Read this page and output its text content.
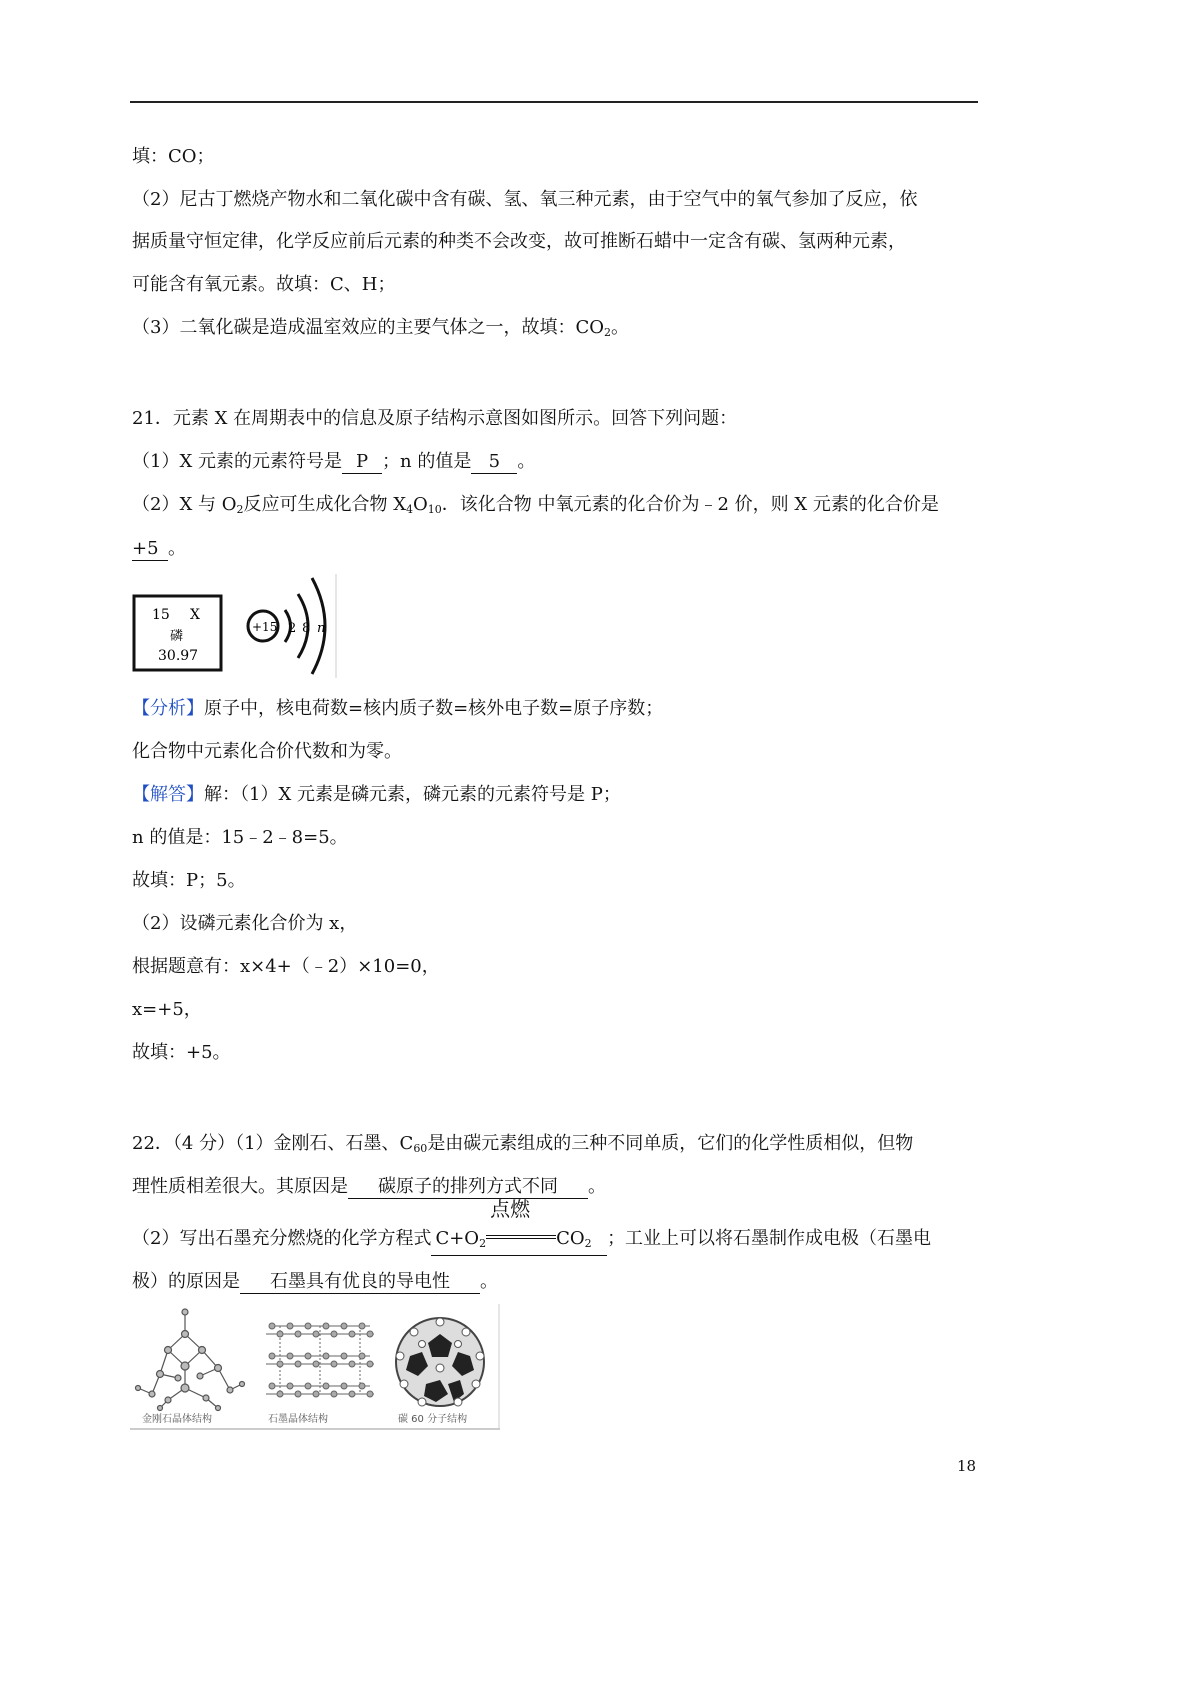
填：CO；
（2）尼古丁燃烧产物水和二氧化碳中含有碳、氢、氧三种元素，由于空气中的氧气参加了反应，依
据质量守恒定律，化学反应前后元素的种类不会改变，故可推断石蜡中一定含有碳、氢两种元素，
可能含有氧元素。故填：C、H；
（3）二氧化碳是造成温室效应的主要气体之一，故填：$CO_2$。
21．元素 X 在周期表中的信息及原子结构示意图如图所示。回答下列问题：
（1）X 元素的元素符号是 P ；n 的值是 5 。
（2）X 与 $O_2$反应可生成化合物 $X_4O_{10}$．该化合物 中氧元素的化合价为﹣2 价，则 X 元素的化合价是
+5 。
15 X
磷
30.97
+15 2 8 n
【分析】原子中，核电荷数=核内质子数=核外电子数=原子序数；
化合物中元素化合价代数和为零。
【解答】解：（1）X 元素是磷元素，磷元素的元素符号是 P；
n 的值是：15﹣2﹣8=5。
故填：P；5。
（2）设磷元素化合价为 x，
根据题意有：x×4+（﹣2）×10=0，
x=+5，
故填：+5。
22．（4 分）（1）金刚石、石墨、$C_{60}$是由碳元素组成的三种不同单质，它们的化学性质相似，但物
理性质相差很大。其原因是 碳原子的排列方式不同 。
（2）写出石墨充分燃烧的化学方程式 $C+O_2$
点燃
$CO_2$ ；工业上可以将石墨制作成电极（石墨电
极）的原因是 石墨具有优良的导电性 。
金刚石晶体结构	石墨晶体结构	碳 60 分子结构
18
